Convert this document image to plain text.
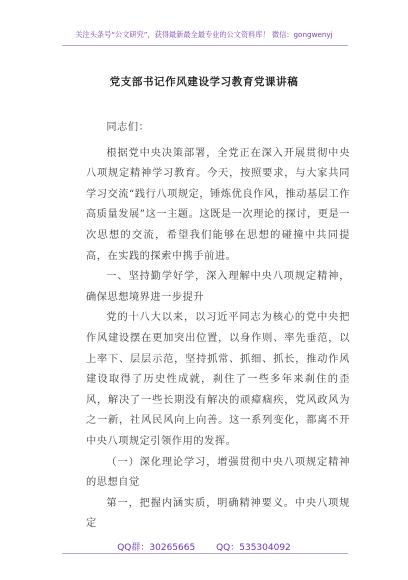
关注头条号“公文研究”，获得最新最全最专业的公文资料库！ 微信：gongwenyj
党支部书记作风建设学习教育党课讲稿

同志们：

根据党中央决策部署，全党正在深入开展贯彻中央八项规定精神学习教育。今天，按照要求，与大家共同学习交流“践行八项规定，锤炼优良作风，推动基层工作高质量发展”这一主题。这既是一次理论的探讨，更是一次思想的交流，希望我们能够在思想的碰撞中共同提高，在实践的探索中携手前进。

一、坚持勤学好学，深入理解中央八项规定精神，确保思想境界进一步提升

党的十八大以来，以习近平同志为核心的党中央把作风建设摆在更加突出位置，以身作则、率先垂范，以上率下、层层示范，坚持抓常、抓细、抓长，推动作风建设取得了历史性成就，刹住了一些多年来刹住的歪风，解决了一些长期没有解决的顽瘴痼疾，党风政风为之一新，社风民风向上向善。这一系列变化，都离不开中央八项规定引领作用的发挥。

（一）深化理论学习，增强贯彻中央八项规定精神的思想自觉

第一，把握内涵实质，明确精神要义。中央八项规定

QQ群：30265665 QQ：535304092
